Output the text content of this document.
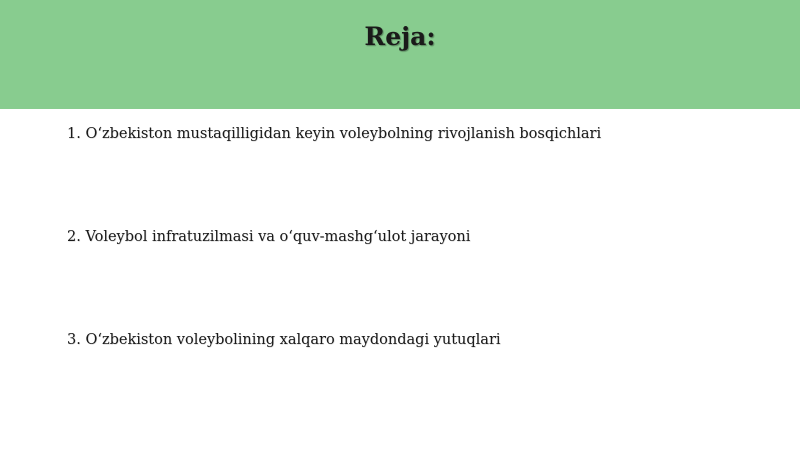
Reja:
1. O‘zbekiston mustaqilligidan keyin voleybolning rivojlanish bosqichlari
2. Voleybol infratuzilmasi va o‘quv-mashg‘ulot jarayoni
3. O‘zbekiston voleybolining xalqaro maydondagi yutuqlari
